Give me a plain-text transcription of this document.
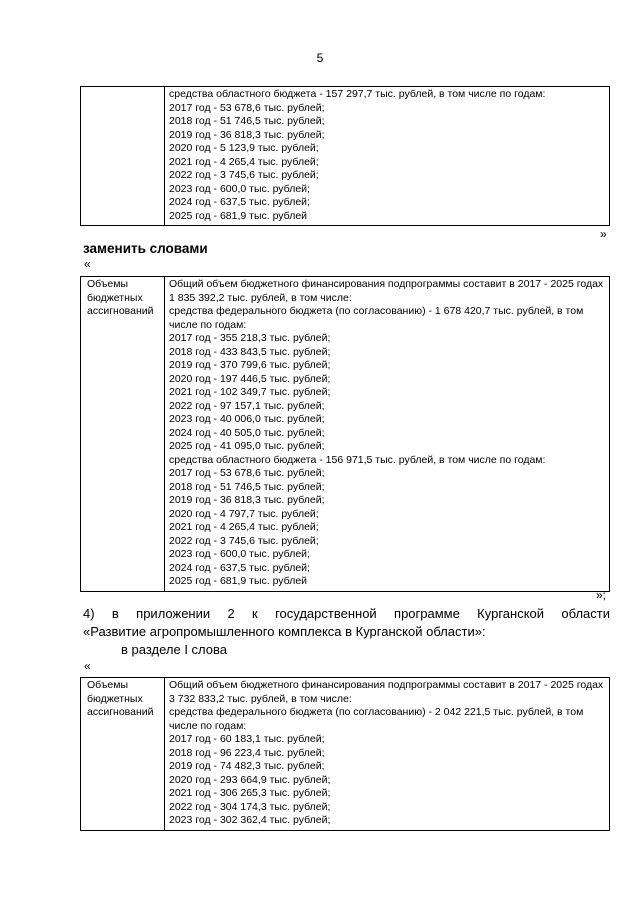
5
средства областного бюджета - 157 297,7 тыс. рублей, в том числе по годам:
2017 год - 53 678,6 тыс. рублей;
2018 год - 51 746,5 тыс. рублей;
2019 год - 36 818,3 тыс. рублей;
2020 год - 5 123,9 тыс. рублей;
2021 год - 4 265,4 тыс. рублей;
2022 год - 3 745,6 тыс. рублей;
2023 год - 600,0 тыс. рублей;
2024 год - 637,5 тыс. рублей;
2025 год - 681,9 тыс. рублей
»
заменить словами
«
Объемы бюджетных ассигнований
Общий объем бюджетного финансирования подпрограммы составит в 2017 - 2025 годах 1 835 392,2 тыс. рублей, в том числе:
средства федерального бюджета (по согласованию) - 1 678 420,7 тыс. рублей, в том числе по годам:
2017 год - 355 218,3 тыс. рублей;
2018 год - 433 843,5 тыс. рублей;
2019 год - 370 799,6 тыс. рублей;
2020 год - 197 446,5 тыс. рублей;
2021 год - 102 349,7 тыс. рублей;
2022 год - 97 157,1 тыс. рублей;
2023 год - 40 006,0 тыс. рублей;
2024 год - 40 505,0 тыс. рублей;
2025 год - 41 095,0 тыс. рублей;
средства областного бюджета - 156 971,5 тыс. рублей, в том числе по годам:
2017 год - 53 678,6 тыс. рублей;
2018 год - 51 746,5 тыс. рублей;
2019 год - 36 818,3 тыс. рублей;
2020 год - 4 797,7 тыс. рублей;
2021 год - 4 265,4 тыс. рублей;
2022 год - 3 745,6 тыс. рублей;
2023 год - 600,0 тыс. рублей;
2024 год - 637,5 тыс. рублей;
2025 год - 681,9 тыс. рублей
»;
4) в приложении 2 к государственной программе Курганской области
«Развитие агропромышленного комплекса в Курганской области»:
в разделе I слова
«
Объемы бюджетных ассигнований
Общий объем бюджетного финансирования подпрограммы составит в 2017 - 2025 годах 3 732 833,2 тыс. рублей, в том числе:
средства федерального бюджета (по согласованию) - 2 042 221,5 тыс. рублей, в том числе по годам:
2017 год - 60 183,1 тыс. рублей;
2018 год - 96 223,4 тыс. рублей;
2019 год - 74 482,3 тыс. рублей;
2020 год - 293 664,9 тыс. рублей;
2021 год - 306 265,3 тыс. рублей;
2022 год - 304 174,3 тыс. рублей;
2023 год - 302 362,4 тыс. рублей;
